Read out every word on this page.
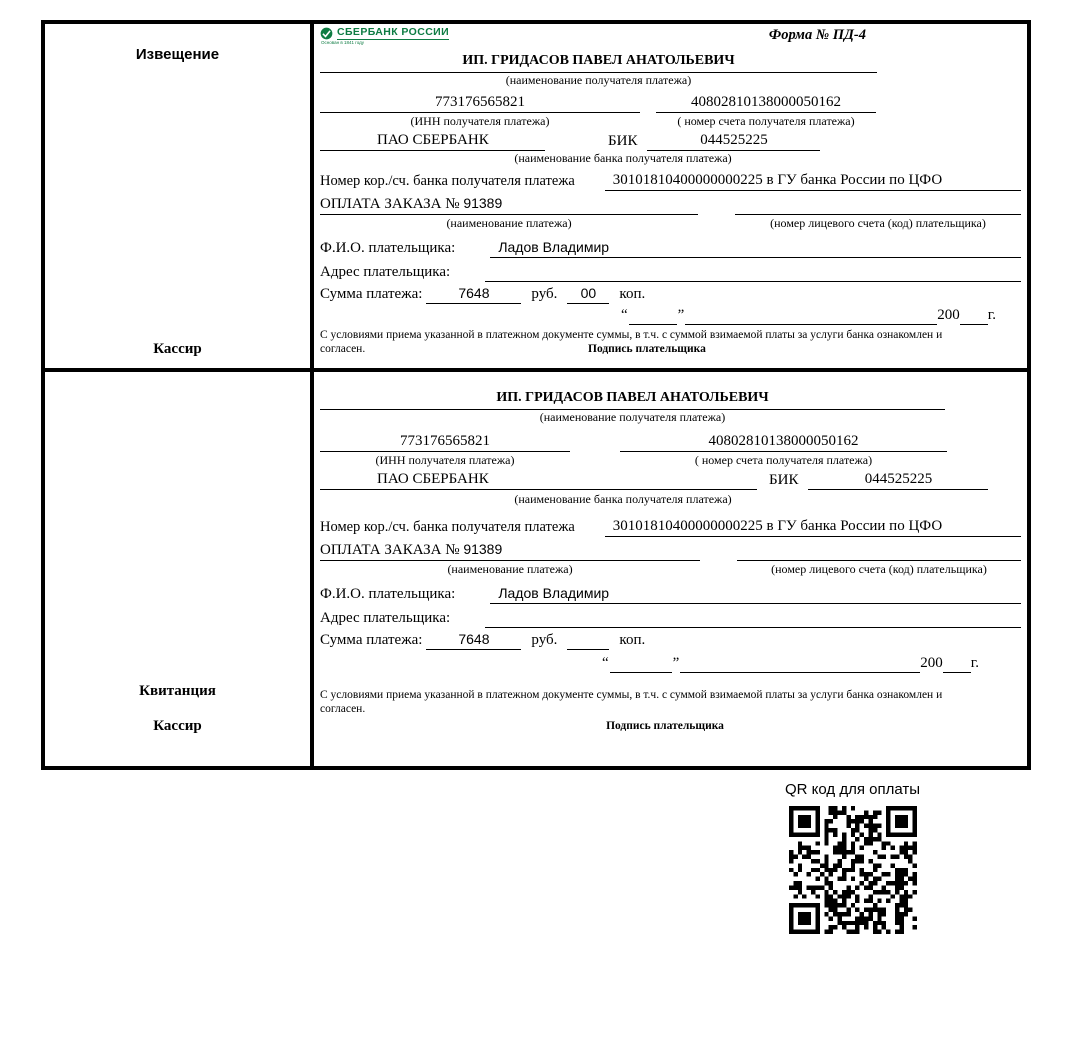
Извещение
Кассир
СБЕРБАНК РОССИИ
Основан в 1841 году	Форма № ПД-4
ИП. ГРИДАСОВ ПАВЕЛ АНАТОЛЬЕВИЧ
(наименование получателя платежа)
773176565821	40802810138000050162
(ИНН получателя платежа)	( номер счета получателя платежа)
ПАО СБЕРБАНК	БИК	044525225
(наименование банка получателя платежа)
Номер кор./сч. банка получателя платежа	30101810400000000225 в ГУ банка России по ЦФО
ОПЛАТА ЗАКАЗА № 91389

(наименование платежа)	(номер лицевого счета (код) плательщика)
Ф.И.О. плательщика:	Ладов Владимир
Адрес плательщика:
Сумма платежа:	7648	руб.	00	коп.
“	”	200 г.
С условиями приема указанной в платежном документе суммы, в т.ч. с суммой взимаемой платы за услуги банка ознакомлен и согласен.	Подпись плательщика
Квитанция
Кассир
ИП. ГРИДАСОВ ПАВЕЛ АНАТОЛЬЕВИЧ
(наименование получателя платежа)
773176565821	40802810138000050162
(ИНН получателя платежа)	( номер счета получателя платежа)
ПАО СБЕРБАНК	БИК	044525225
(наименование банка получателя платежа)
Номер кор./сч. банка получателя платежа	30101810400000000225 в ГУ банка России по ЦФО
ОПЛАТА ЗАКАЗА № 91389

(наименование платежа)	(номер лицевого счета (код) плательщика)
Ф.И.О. плательщика:	Ладов Владимир
Адрес плательщика:
Сумма платежа:	7648	руб.	коп.
“	”	200 г.
С условиями приема указанной в платежном документе суммы, в т.ч. с суммой взимаемой платы за услуги банка ознакомлен и согласен.
Подпись плательщика
QR код для оплаты
